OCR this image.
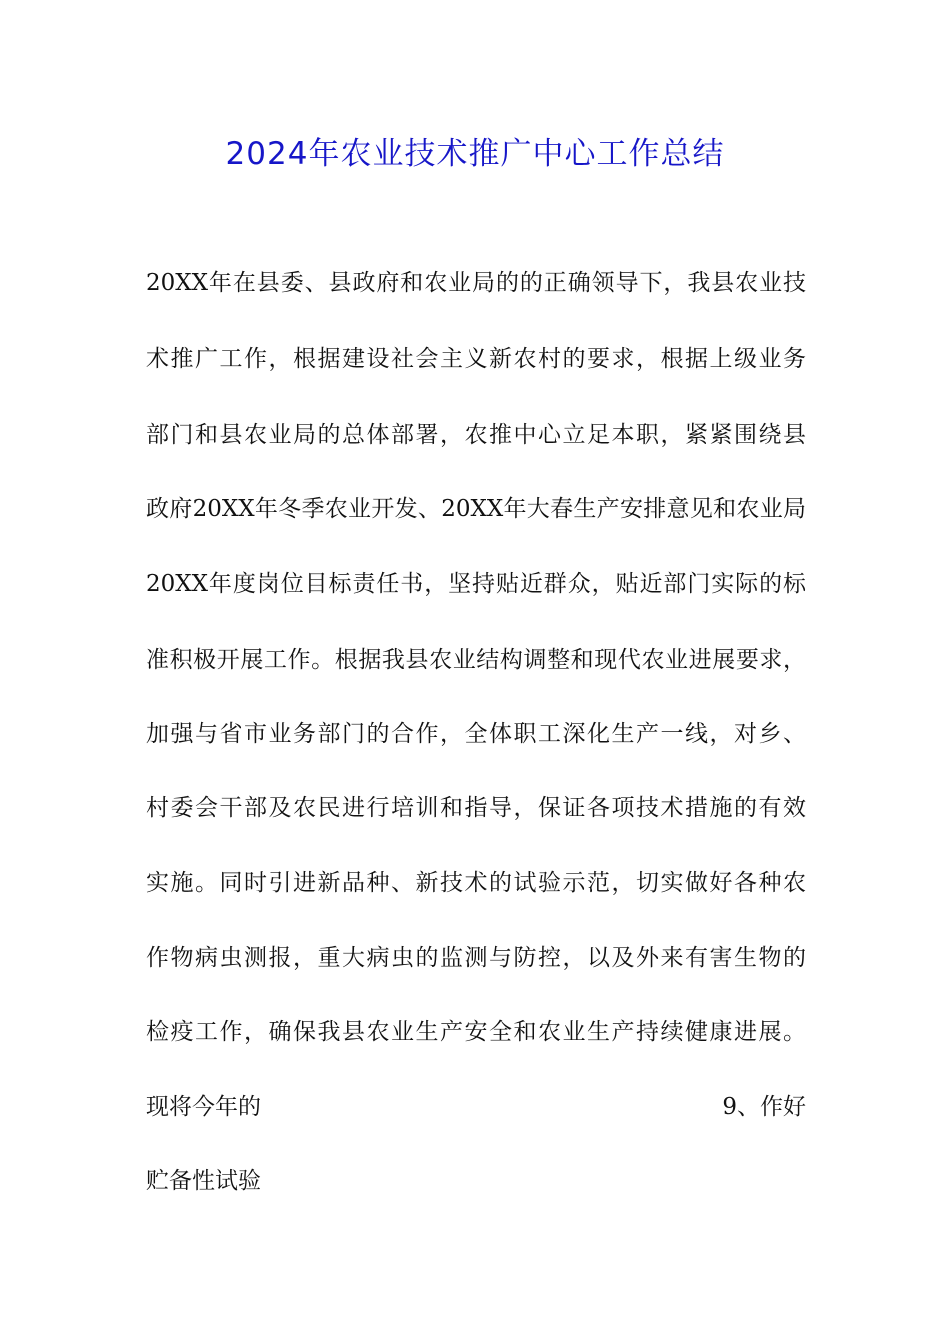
2024年农业技术推广中心工作总结
20XX年在县委、县政府和农业局的的正确领导下，我县农业技
术推广工作，根据建设社会主义新农村的要求，根据上级业务
部门和县农业局的总体部署，农推中心立足本职，紧紧围绕县
政府20XX年冬季农业开发、20XX年大春生产安排意见和农业局
20XX年度岗位目标责任书，坚持贴近群众，贴近部门实际的标
准积极开展工作。根据我县农业结构调整和现代农业进展要求，
加强与省市业务部门的合作，全体职工深化生产一线，对乡、
村委会干部及农民进行培训和指导，保证各项技术措施的有效
实施。同时引进新品种、新技术的试验示范，切实做好各种农
作物病虫测报，重大病虫的监测与防控，以及外来有害生物的
检疫工作，确保我县农业生产安全和农业生产持续健康进展。
现将今年的	9、作好
贮备性试验
